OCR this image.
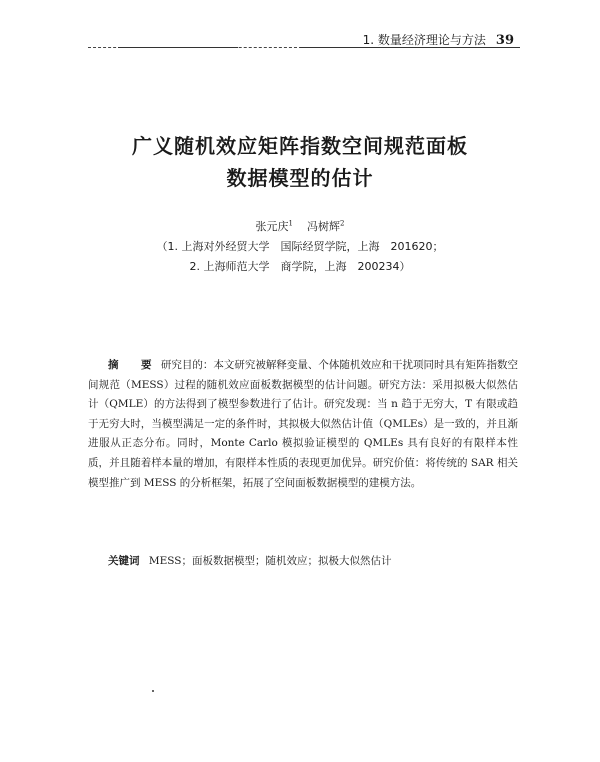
1. 数量经济理论与方法 39
广义随机效应矩阵指数空间规范面板
数据模型的估计
张元庆$^1$ 冯树辉$^2$
（1. 上海对外经贸大学　国际经贸学院，上海　201620；
2. 上海师范大学　商学院，上海　200234）
摘　要 研究目的：本文研究被解释变量、个体随机效应和干扰项同时具有矩阵指数空间规范（MESS）过程的随机效应面板数据模型的估计问题。研究方法：采用拟极大似然估计（QMLE）的方法得到了模型参数进行了估计。研究发现：当 n 趋于无穷大，T 有限或趋于无穷大时，当模型满足一定的条件时，其拟极大似然估计值（QMLEs）是一致的，并且渐进服从正态分布。同时，Monte Carlo 模拟验证模型的 QMLEs 具有良好的有限样本性质，并且随着样本量的增加，有限样本性质的表现更加优异。研究价值：将传统的 SAR 相关模型推广到 MESS 的分析框架，拓展了空间面板数据模型的建模方法。
关键词 MESS；面板数据模型；随机效应；拟极大似然估计
